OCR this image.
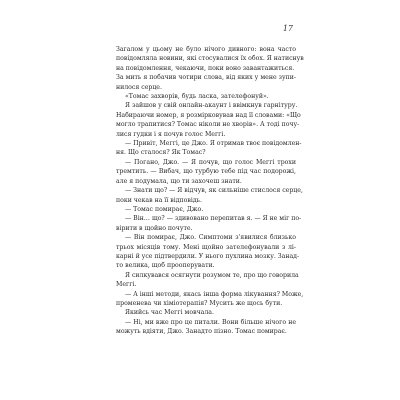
17

Загалом у цьому не було нічого дивного: вона часто
повідомляла новини, які стосувалися їх обох. Я натиснув
на повідомлення, чекаючи, поки воно завантажиться.
За мить я побачив чотири слова, від яких у мене зупи-
нилося серце.
«Томас захворів, будь ласка, зателефонуй».
Я зайшов у свій онлайн-акаунт і ввімкнув гарнітуру.
Набираючи номер, я розмірковував над її словами: «Що
могло трапитися? Томас ніколи не хворів». А тоді почу-
лися гудки і я почув голос Меггі.
— Привіт, Меггі, це Джо. Я отримав твоє повідомлен-
ня. Що сталося? Як Томас?
— Погано, Джо. — Я почув, що голос Меггі трохи
тремтить. — Вибач, що турбую тебе під час подорожі,
але я подумала, що ти захочеш знати.
— Знати що? — Я відчув, як сильніше стислося серце,
поки чекав на її відповідь.
— Томас помирає, Джо.
— Він… що? — здивовано перепитав я. — Я не мiг по-
вірити в щойно почуте.
— Він помирає, Джо. Симптоми з'явилися близько
трьох місяців тому. Мені щойно зателефонували з лі-
карні й усе підтвердили. У нього пухлина мозку. Занад-
то велика, щоб прооперувати.
Я силкувався осягнути розумом те, про що говорила
Меггі.
— А інші методи, якась інша форма лікування? Може,
променева чи хіміотерапія? Мусить же щось бути.
Якийсь час Меггі мовчала.
— Ні, ми вже про це питали. Вони більше нічого не
можуть вдіяти, Джо. Занадто пізно. Томас помирає.
